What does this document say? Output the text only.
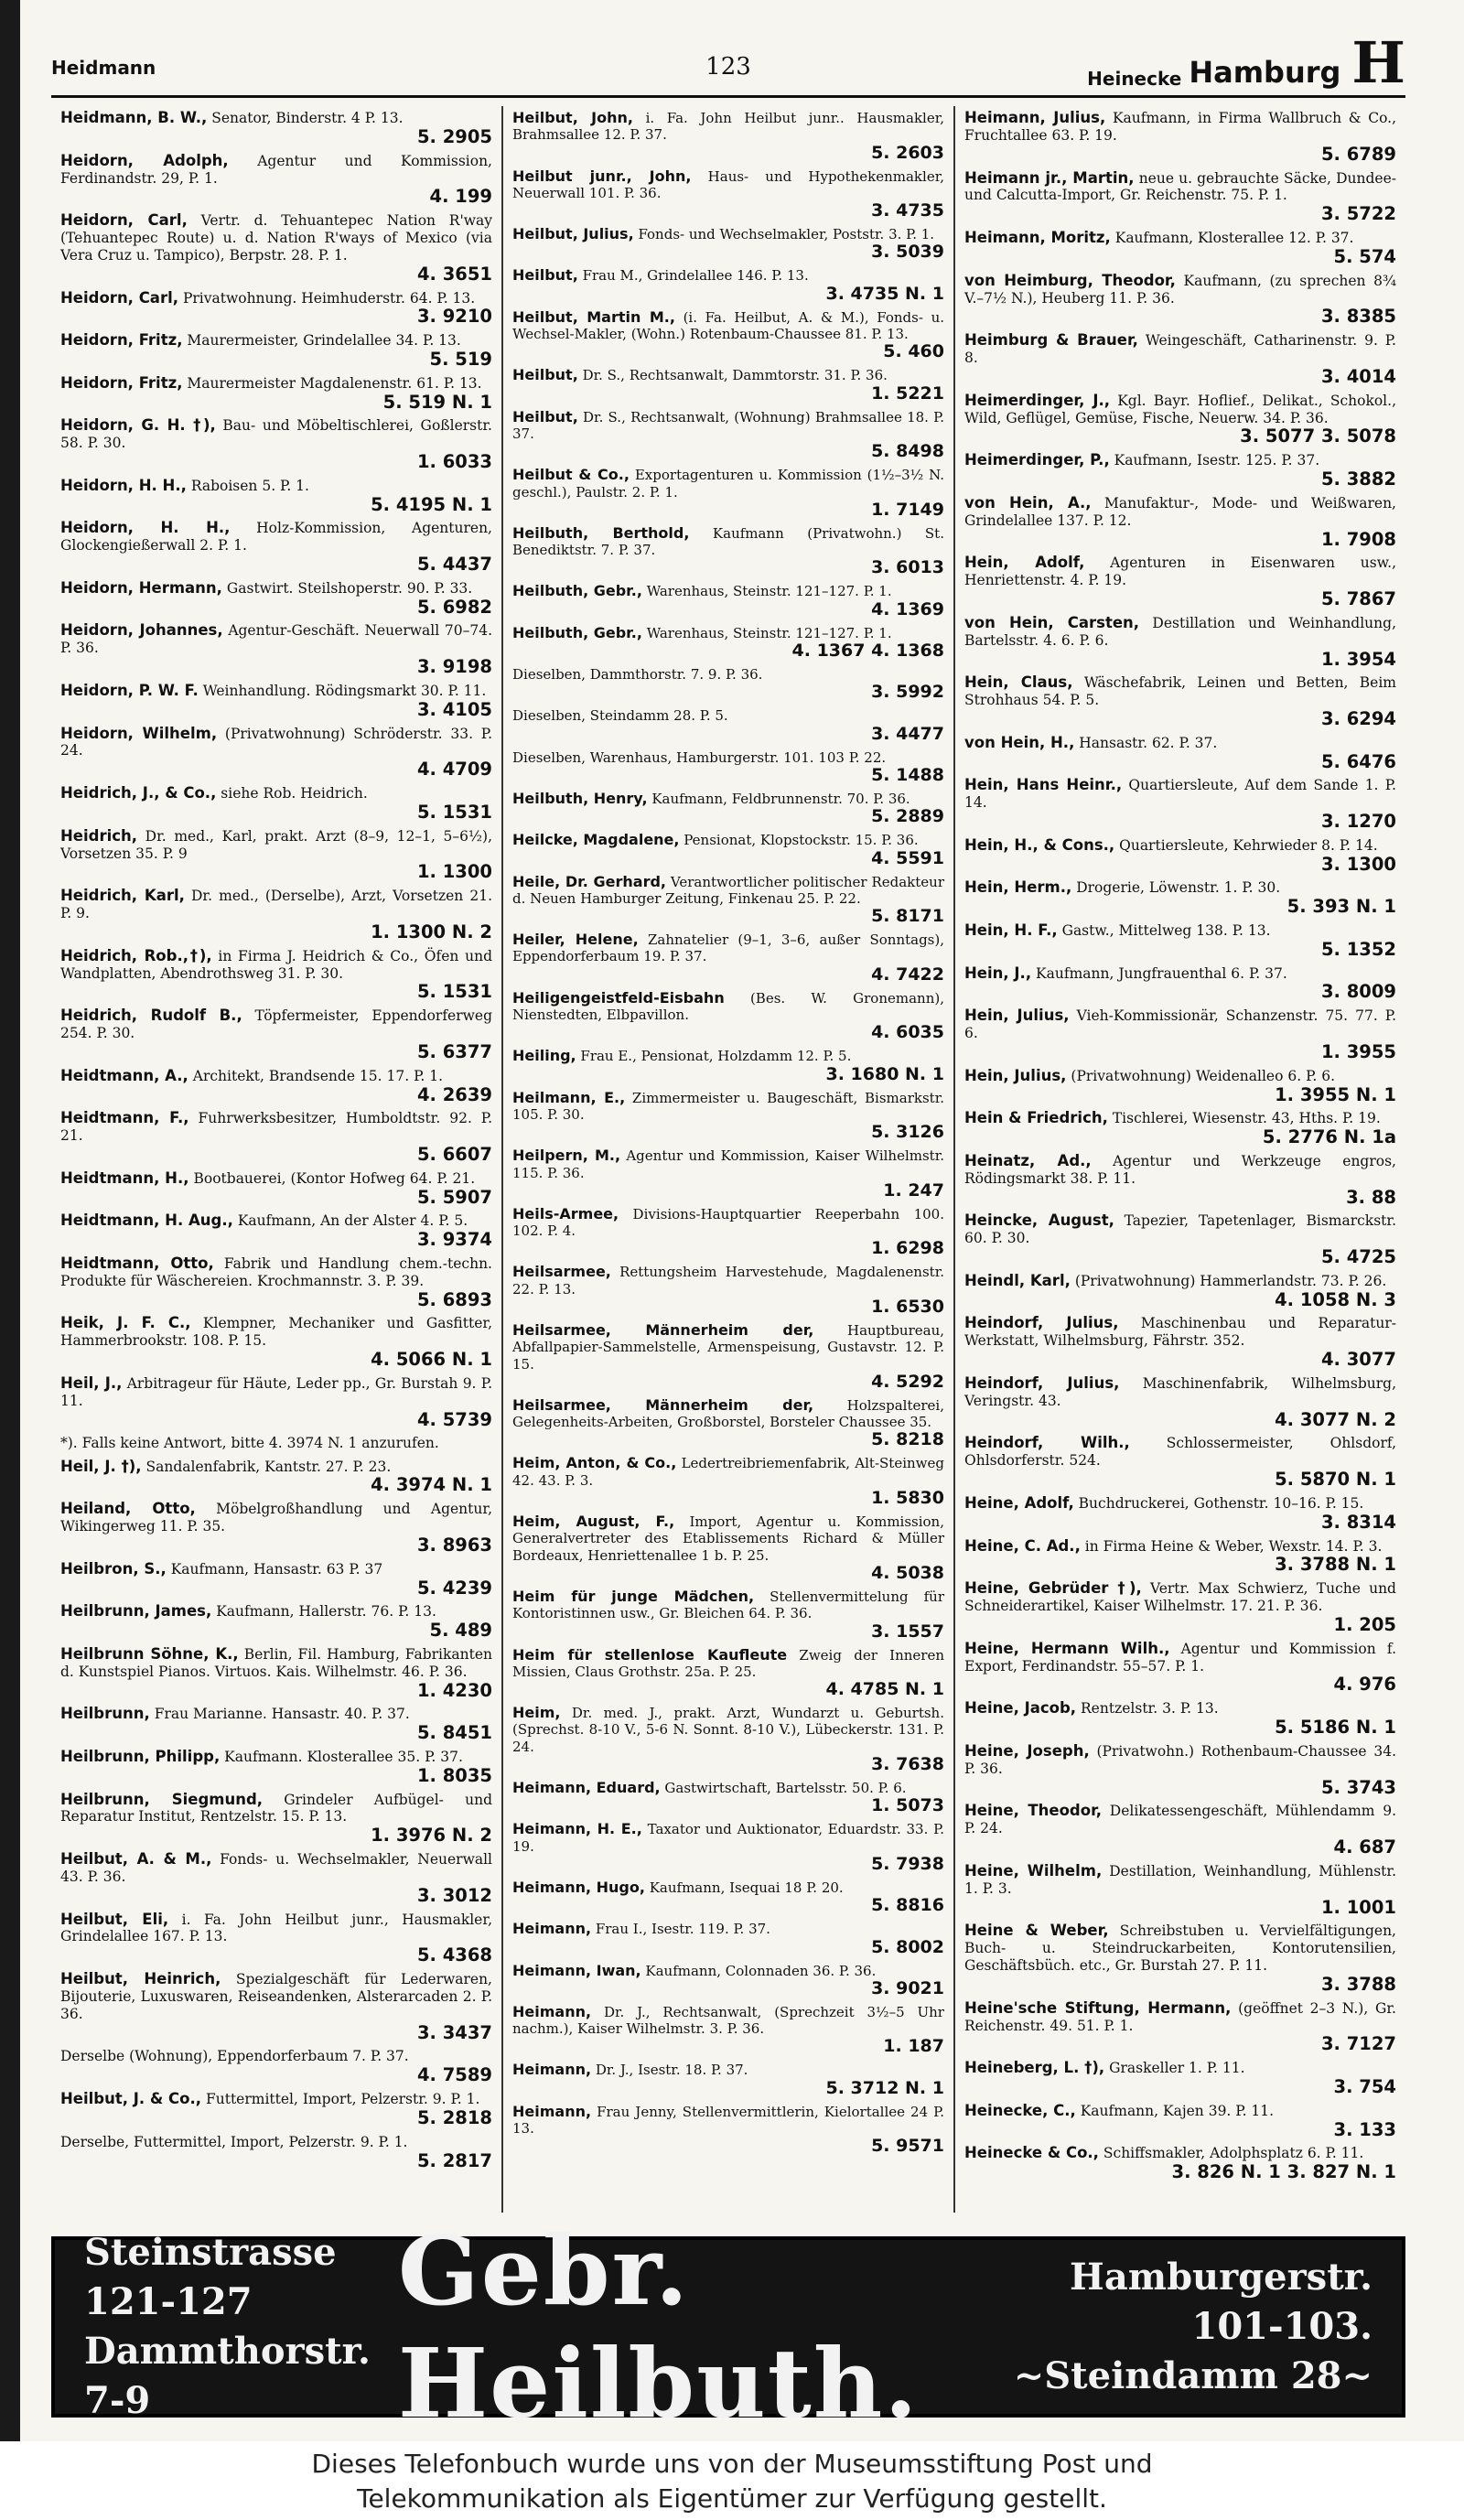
Heidmann	123	Heinecke Hamburg H
Heidmann, B. W., Senator, Binderstr. 4 P. 13.
5. 2905
Heidorn, Adolph, Agentur und Kommission, Ferdinandstr. 29, P. 1.
4. 199
Heidorn, Carl, Vertr. d. Tehuantepec Nation R'way (Tehuantepec Route) u. d. Nation R'ways of Mexico (via Vera Cruz u. Tampico), Berpstr. 28. P. 1.
4. 3651
Heidorn, Carl, Privatwohnung. Heimhuderstr. 64. P. 13.
3. 9210
Heidorn, Fritz, Maurermeister, Grindelallee 34. P. 13.
5. 519
Heidorn, Fritz, Maurermeister Magdalenenstr. 61. P. 13.
5. 519 N. 1
Heidorn, G. H. †), Bau- und Möbeltischlerei, Goßlerstr. 58. P. 30.
1. 6033
Heidorn, H. H., Raboisen 5. P. 1.
5. 4195 N. 1
Heidorn, H. H., Holz-Kommission, Agenturen, Glockengießerwall 2. P. 1.
5. 4437
Heidorn, Hermann, Gastwirt. Steilshoperstr. 90. P. 33.
5. 6982
Heidorn, Johannes, Agentur-Geschäft. Neuerwall 70–74. P. 36.
3. 9198
Heidorn, P. W. F. Weinhandlung. Rödingsmarkt 30. P. 11.
3. 4105
Heidorn, Wilhelm, (Privatwohnung) Schröderstr. 33. P. 24.
4. 4709
Heidrich, J., & Co., siehe Rob. Heidrich.
5. 1531
Heidrich, Dr. med., Karl, prakt. Arzt (8–9, 12–1, 5–6½), Vorsetzen 35. P. 9
1. 1300
Heidrich, Karl, Dr. med., (Derselbe), Arzt, Vorsetzen 21. P. 9.
1. 1300 N. 2
Heidrich, Rob.,†), in Firma J. Heidrich & Co., Öfen und Wandplatten, Abendrothsweg 31. P. 30.
5. 1531
Heidrich, Rudolf B., Töpfermeister, Eppendorferweg 254. P. 30.
5. 6377
Heidtmann, A., Architekt, Brandsende 15. 17. P. 1.
4. 2639
Heidtmann, F., Fuhrwerksbesitzer, Humboldtstr. 92. P. 21.
5. 6607
Heidtmann, H., Bootbauerei, (Kontor Hofweg 64. P. 21.
5. 5907
Heidtmann, H. Aug., Kaufmann, An der Alster 4. P. 5.
3. 9374
Heidtmann, Otto, Fabrik und Handlung chem.-techn. Produkte für Wäschereien. Krochmannstr. 3. P. 39.
5. 6893
Heik, J. F. C., Klempner, Mechaniker und Gasfitter, Hammerbrookstr. 108. P. 15.
4. 5066 N. 1
Heil, J., Arbitrageur für Häute, Leder pp., Gr. Burstah 9. P. 11.
4. 5739
*). Falls keine Antwort, bitte 4. 3974 N. 1 anzurufen.
Heil, J. †), Sandalenfabrik, Kantstr. 27. P. 23.
4. 3974 N. 1
Heiland, Otto, Möbelgroßhandlung und Agentur, Wikingerweg 11. P. 35.
3. 8963
Heilbron, S., Kaufmann, Hansastr. 63 P. 37
5. 4239
Heilbrunn, James, Kaufmann, Hallerstr. 76. P. 13.
5. 489
Heilbrunn Söhne, K., Berlin, Fil. Hamburg, Fabrikanten d. Kunstspiel Pianos. Virtuos. Kais. Wilhelmstr. 46. P. 36.
1. 4230
Heilbrunn, Frau Marianne. Hansastr. 40. P. 37.
5. 8451
Heilbrunn, Philipp, Kaufmann. Klosterallee 35. P. 37.
1. 8035
Heilbrunn, Siegmund, Grindeler Aufbügel- und Reparatur Institut, Rentzelstr. 15. P. 13.
1. 3976 N. 2
Heilbut, A. & M., Fonds- u. Wechselmakler, Neuerwall 43. P. 36.
3. 3012
Heilbut, Eli, i. Fa. John Heilbut junr., Hausmakler, Grindelallee 167. P. 13.
5. 4368
Heilbut, Heinrich, Spezialgeschäft für Lederwaren, Bijouterie, Luxuswaren, Reiseandenken, Alsterarcaden 2. P. 36.
3. 3437
Derselbe (Wohnung), Eppendorferbaum 7. P. 37.
4. 7589
Heilbut, J. & Co., Futtermittel, Import, Pelzerstr. 9. P. 1.
5. 2818
Derselbe, Futtermittel, Import, Pelzerstr. 9. P. 1.
5. 2817
Heilbut, John, i. Fa. John Heilbut junr.. Hausmakler, Brahmsallee 12. P. 37.
5. 2603
Heilbut junr., John, Haus- und Hypothekenmakler, Neuerwall 101. P. 36.
3. 4735
Heilbut, Julius, Fonds- und Wechselmakler, Poststr. 3. P. 1.
3. 5039
Heilbut, Frau M., Grindelallee 146. P. 13.
3. 4735 N. 1
Heilbut, Martin M., (i. Fa. Heilbut, A. & M.), Fonds- u. Wechsel-Makler, (Wohn.) Rotenbaum-Chaussee 81. P. 13.
5. 460
Heilbut, Dr. S., Rechtsanwalt, Dammtorstr. 31. P. 36.
1. 5221
Heilbut, Dr. S., Rechtsanwalt, (Wohnung) Brahmsallee 18. P. 37.
5. 8498
Heilbut & Co., Exportagenturen u. Kommission (1½–3½ N. geschl.), Paulstr. 2. P. 1.
1. 7149
Heilbuth, Berthold, Kaufmann (Privatwohn.) St. Benediktstr. 7. P. 37.
3. 6013
Heilbuth, Gebr., Warenhaus, Steinstr. 121–127. P. 1.
4. 1369
Heilbuth, Gebr., Warenhaus, Steinstr. 121–127. P. 1.
4. 1367 4. 1368
Dieselben, Dammthorstr. 7. 9. P. 36.
3. 5992
Dieselben, Steindamm 28. P. 5.
3. 4477
Dieselben, Warenhaus, Hamburgerstr. 101. 103 P. 22.
5. 1488
Heilbuth, Henry, Kaufmann, Feldbrunnenstr. 70. P. 36.
5. 2889
Heilcke, Magdalene, Pensionat, Klopstockstr. 15. P. 36.
4. 5591
Heile, Dr. Gerhard, Verantwortlicher politischer Redakteur d. Neuen Hamburger Zeitung, Finkenau 25. P. 22.
5. 8171
Heiler, Helene, Zahnatelier (9–1, 3–6, außer Sonntags), Eppendorferbaum 19. P. 37.
4. 7422
Heiligengeistfeld-Eisbahn (Bes. W. Gronemann), Nienstedten, Elbpavillon.
4. 6035
Heiling, Frau E., Pensionat, Holzdamm 12. P. 5.
3. 1680 N. 1
Heilmann, E., Zimmermeister u. Baugeschäft, Bismarkstr. 105. P. 30.
5. 3126
Heilpern, M., Agentur und Kommission, Kaiser Wilhelmstr. 115. P. 36.
1. 247
Heils-Armee, Divisions-Hauptquartier Reeperbahn 100. 102. P. 4.
1. 6298
Heilsarmee, Rettungsheim Harvestehude, Magdalenenstr. 22. P. 13.
1. 6530
Heilsarmee, Männerheim der, Hauptbureau, Abfallpapier-Sammelstelle, Armenspeisung, Gustavstr. 12. P. 15.
4. 5292
Heilsarmee, Männerheim der, Holzspalterei, Gelegenheits-Arbeiten, Großborstel, Borsteler Chaussee 35.
5. 8218
Heim, Anton, & Co., Ledertreibriemenfabrik, Alt-Steinweg 42. 43. P. 3.
1. 5830
Heim, August, F., Import, Agentur u. Kommission, Generalvertreter des Etablissements Richard & Müller Bordeaux, Henriettenallee 1 b. P. 25.
4. 5038
Heim für junge Mädchen, Stellenvermittelung für Kontoristinnen usw., Gr. Bleichen 64. P. 36.
3. 1557
Heim für stellenlose Kaufleute Zweig der Inneren Missien, Claus Grothstr. 25a. P. 25.
4. 4785 N. 1
Heim, Dr. med. J., prakt. Arzt, Wundarzt u. Geburtsh. (Sprechst. 8-10 V., 5-6 N. Sonnt. 8-10 V.), Lübeckerstr. 131. P. 24.
3. 7638
Heimann, Eduard, Gastwirtschaft, Bartelsstr. 50. P. 6.
1. 5073
Heimann, H. E., Taxator und Auktionator, Eduardstr. 33. P. 19.
5. 7938
Heimann, Hugo, Kaufmann, Isequai 18 P. 20.
5. 8816
Heimann, Frau I., Isestr. 119. P. 37.
5. 8002
Heimann, Iwan, Kaufmann, Colonnaden 36. P. 36.
3. 9021
Heimann, Dr. J., Rechtsanwalt, (Sprechzeit 3½–5 Uhr nachm.), Kaiser Wilhelmstr. 3. P. 36.
1. 187
Heimann, Dr. J., Isestr. 18. P. 37.
5. 3712 N. 1
Heimann, Frau Jenny, Stellenvermittlerin, Kielortallee 24 P. 13.
5. 9571
Heimann, Julius, Kaufmann, in Firma Wallbruch & Co., Fruchtallee 63. P. 19.
5. 6789
Heimann jr., Martin, neue u. gebrauchte Säcke, Dundee- und Calcutta-Import, Gr. Reichenstr. 75. P. 1.
3. 5722
Heimann, Moritz, Kaufmann, Klosterallee 12. P. 37.
5. 574
von Heimburg, Theodor, Kaufmann, (zu sprechen 8¾ V.–7½ N.), Heuberg 11. P. 36.
3. 8385
Heimburg & Brauer, Weingeschäft, Catharinenstr. 9. P. 8.
3. 4014
Heimerdinger, J., Kgl. Bayr. Hoflief., Delikat., Schokol., Wild, Geflügel, Gemüse, Fische, Neuerw. 34. P. 36.
3. 5077 3. 5078
Heimerdinger, P., Kaufmann, Isestr. 125. P. 37.
5. 3882
von Hein, A., Manufaktur-, Mode- und Weißwaren, Grindelallee 137. P. 12.
1. 7908
Hein, Adolf, Agenturen in Eisenwaren usw., Henriettenstr. 4. P. 19.
5. 7867
von Hein, Carsten, Destillation und Weinhandlung, Bartelsstr. 4. 6. P. 6.
1. 3954
Hein, Claus, Wäschefabrik, Leinen und Betten, Beim Strohhaus 54. P. 5.
3. 6294
von Hein, H., Hansastr. 62. P. 37.
5. 6476
Hein, Hans Heinr., Quartiersleute, Auf dem Sande 1. P. 14.
3. 1270
Hein, H., & Cons., Quartiersleute, Kehrwieder 8. P. 14.
3. 1300
Hein, Herm., Drogerie, Löwenstr. 1. P. 30.
5. 393 N. 1
Hein, H. F., Gastw., Mittelweg 138. P. 13.
5. 1352
Hein, J., Kaufmann, Jungfrauenthal 6. P. 37.
3. 8009
Hein, Julius, Vieh-Kommissionär, Schanzenstr. 75. 77. P. 6.
1. 3955
Hein, Julius, (Privatwohnung) Weidenalleo 6. P. 6.
1. 3955 N. 1
Hein & Friedrich, Tischlerei, Wiesenstr. 43, Hths. P. 19.
5. 2776 N. 1a
Heinatz, Ad., Agentur und Werkzeuge engros, Rödingsmarkt 38. P. 11.
3. 88
Heincke, August, Tapezier, Tapetenlager, Bismarckstr. 60. P. 30.
5. 4725
Heindl, Karl, (Privatwohnung) Hammerlandstr. 73. P. 26.
4. 1058 N. 3
Heindorf, Julius, Maschinenbau und Reparatur-Werkstatt, Wilhelmsburg, Fährstr. 352.
4. 3077
Heindorf, Julius, Maschinenfabrik, Wilhelmsburg, Veringstr. 43.
4. 3077 N. 2
Heindorf, Wilh.,	Schlossermeister, Ohlsdorf, Ohlsdorferstr. 524.
5. 5870 N. 1
Heine, Adolf, Buchdruckerei, Gothenstr. 10–16. P. 15.
3. 8314
Heine, C. Ad., in Firma Heine & Weber, Wexstr. 14. P. 3.
3. 3788 N. 1
Heine, Gebrüder †), Vertr. Max Schwierz, Tuche und Schneiderartikel, Kaiser Wilhelmstr. 17. 21. P. 36.
1. 205
Heine, Hermann Wilh., Agentur und Kommission f. Export, Ferdinandstr. 55–57. P. 1.
4. 976
Heine, Jacob, Rentzelstr. 3. P. 13.
5. 5186 N. 1
Heine, Joseph, (Privatwohn.) Rothenbaum-Chaussee 34. P. 36.
5. 3743
Heine, Theodor, Delikatessengeschäft, Mühlendamm 9. P. 24.
4. 687
Heine, Wilhelm, Destillation, Weinhandlung, Mühlenstr. 1. P. 3.
1. 1001
Heine & Weber, Schreibstuben u. Vervielfältigungen, Buch- u. Steindruckarbeiten, Kontorutensilien, Geschäftsbüch. etc., Gr. Burstah 27. P. 11.
3. 3788
Heine'sche Stiftung, Hermann, (geöffnet 2–3 N.), Gr. Reichenstr. 49. 51. P. 1.
3. 7127
Heineberg, L. †), Graskeller 1. P. 11.
3. 754
Heinecke, C., Kaufmann, Kajen 39. P. 11.
3. 133
Heinecke & Co., Schiffsmakler, Adolphsplatz 6. P. 11.
3. 826 N. 1 3. 827 N. 1
Steinstrasse 121-127
Dammthorstr. 7-9
Gebr. Heilbuth.
Hamburgerstr. 101-103.
~Steindamm 28~
Dieses Telefonbuch wurde uns von der Museumsstiftung Post und
Telekommunikation als Eigentümer zur Verfügung gestellt.
